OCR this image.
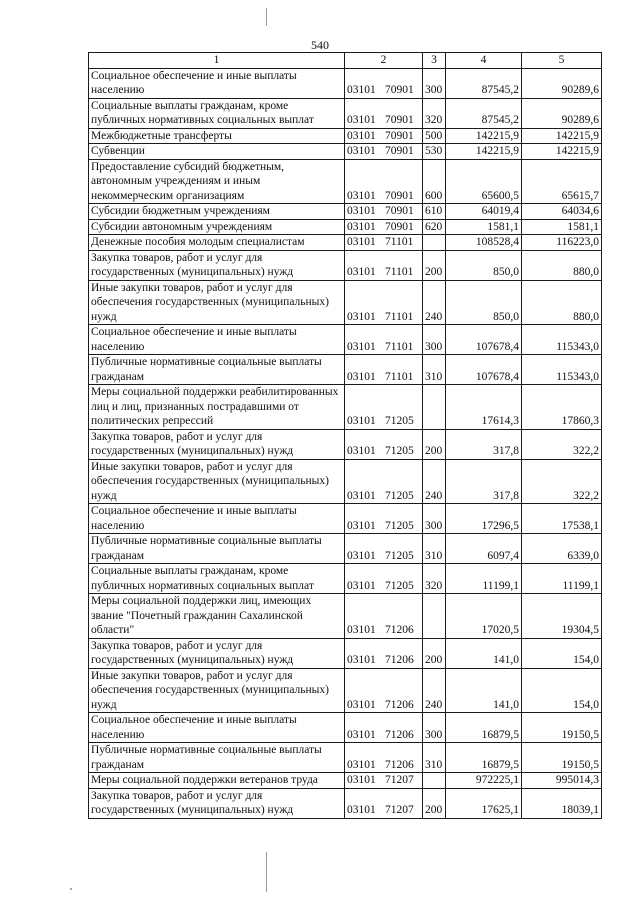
540
1	2	3	4	5
Социальное обеспечение и иные выплаты населению	03101 70901	300	87545,2	90289,6
Социальные выплаты гражданам, кроме публичных нормативных социальных выплат	03101 70901	320	87545,2	90289,6
Межбюджетные трансферты	03101 70901	500	142215,9	142215,9
Субвенции	03101 70901	530	142215,9	142215,9
Предоставление субсидий бюджетным, автономным учреждениям и иным некоммерческим организациям	03101 70901	600	65600,5	65615,7
Субсидии бюджетным учреждениям	03101 70901	610	64019,4	64034,6
Субсидии автономным учреждениям	03101 70901	620	1581,1	1581,1
Денежные пособия молодым специалистам	03101 71101		108528,4	116223,0
Закупка товаров, работ и услуг для государственных (муниципальных) нужд	03101 71101	200	850,0	880,0
Иные закупки товаров, работ и услуг для обеспечения государственных (муниципальных) нужд	03101 71101	240	850,0	880,0
Социальное обеспечение и иные выплаты населению	03101 71101	300	107678,4	115343,0
Публичные нормативные социальные выплаты гражданам	03101 71101	310	107678,4	115343,0
Меры социальной поддержки реабилитированных лиц и лиц, признанных пострадавшими от политических репрессий	03101 71205		17614,3	17860,3
Закупка товаров, работ и услуг для государственных (муниципальных) нужд	03101 71205	200	317,8	322,2
Иные закупки товаров, работ и услуг для обеспечения государственных (муниципальных) нужд	03101 71205	240	317,8	322,2
Социальное обеспечение и иные выплаты населению	03101 71205	300	17296,5	17538,1
Публичные нормативные социальные выплаты гражданам	03101 71205	310	6097,4	6339,0
Социальные выплаты гражданам, кроме публичных нормативных социальных выплат	03101 71205	320	11199,1	11199,1
Меры социальной поддержки лиц, имеющих звание "Почетный гражданин Сахалинской области"	03101 71206		17020,5	19304,5
Закупка товаров, работ и услуг для государственных (муниципальных) нужд	03101 71206	200	141,0	154,0
Иные закупки товаров, работ и услуг для обеспечения государственных (муниципальных) нужд	03101 71206	240	141,0	154,0
Социальное обеспечение и иные выплаты населению	03101 71206	300	16879,5	19150,5
Публичные нормативные социальные выплаты гражданам	03101 71206	310	16879,5	19150,5
Меры социальной поддержки ветеранов труда	03101 71207		972225,1	995014,3
Закупка товаров, работ и услуг для государственных (муниципальных) нужд	03101 71207	200	17625,1	18039,1
